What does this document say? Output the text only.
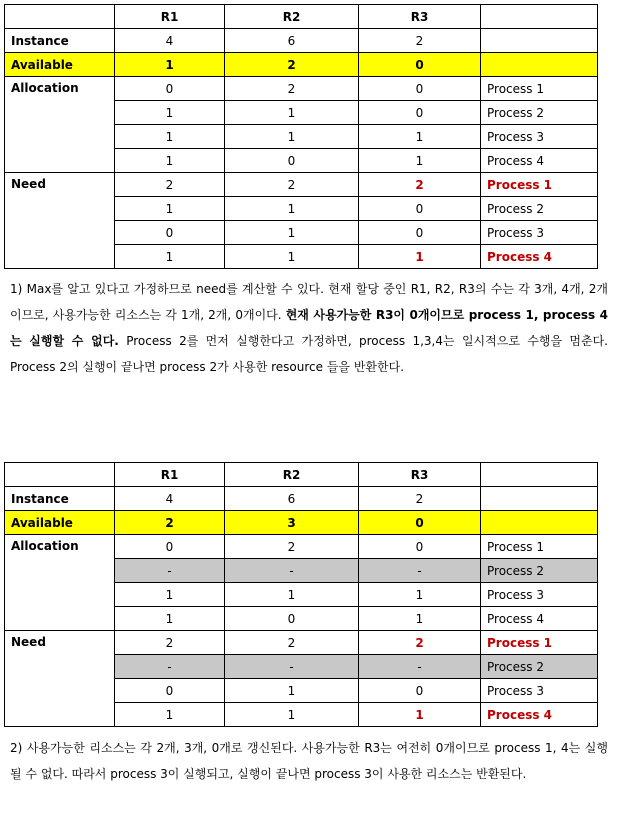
	R1	R2	R3	
Instance	4	6	2	
Available	1	2	0	
Allocation	0	2	0	Process 1
	1	1	0	Process 2
	1	1	1	Process 3
	1	0	1	Process 4
Need	2	2	2	Process 1
	1	1	0	Process 2
	0	1	0	Process 3
	1	1	1	Process 4

1) Max를 알고 있다고 가정하므로 need를 계산할 수 있다. 현재 할당 중인 R1, R2, R3의 수는 각 3개, 4개, 2개이므로, 사용가능한 리소스는 각 1개, 2개, 0개이다. 현재 사용가능한 R3이 0개이므로 process 1, process 4는 실행할 수 없다. Process 2를 먼저 실행한다고 가정하면, process 1,3,4는 일시적으로 수행을 멈춘다. Process 2의 실행이 끝나면 process 2가 사용한 resource 들을 반환한다.

	R1	R2	R3	
Instance	4	6	2	
Available	2	3	0	
Allocation	0	2	0	Process 1
	-	-	-	Process 2
	1	1	1	Process 3
	1	0	1	Process 4
Need	2	2	2	Process 1
	-	-	-	Process 2
	0	1	0	Process 3
	1	1	1	Process 4

2) 사용가능한 리소스는 각 2개, 3개, 0개로 갱신된다. 사용가능한 R3는 여전히 0개이므로 process 1, 4는 실행될 수 없다. 따라서 process 3이 실행되고, 실행이 끝나면 process 3이 사용한 리소스는 반환된다.
